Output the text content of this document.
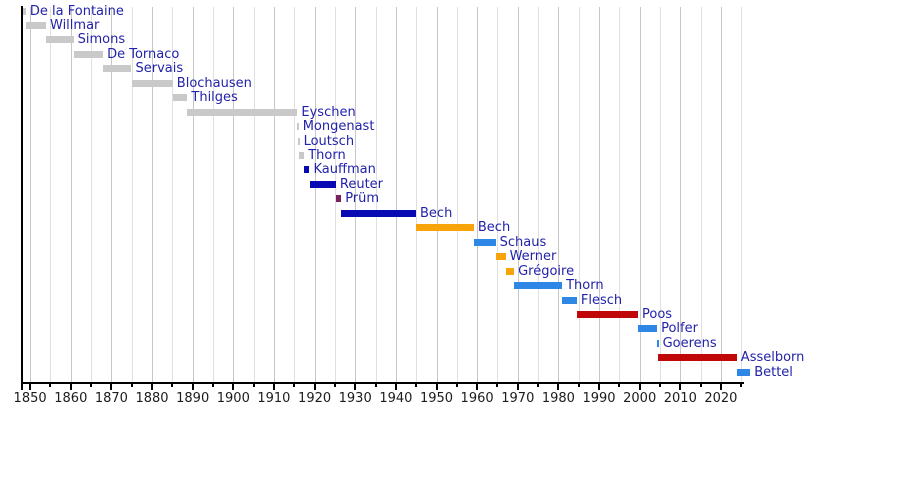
De la Fontaine
Willmar
Simons
De Tornaco
Servais
Blochausen
Thilges
Eyschen
Mongenast
Loutsch
Thorn
Kauffman
Reuter
Prüm
Bech
Bech
Schaus
Werner
Grégoire
Thorn
Flesch
Poos
Polfer
Goerens
Asselborn
Bettel
1850 1860 1870 1880 1890 1900 1910 1920 1930 1940 1950 1960 1970 1980 1990 2000 2010 2020
